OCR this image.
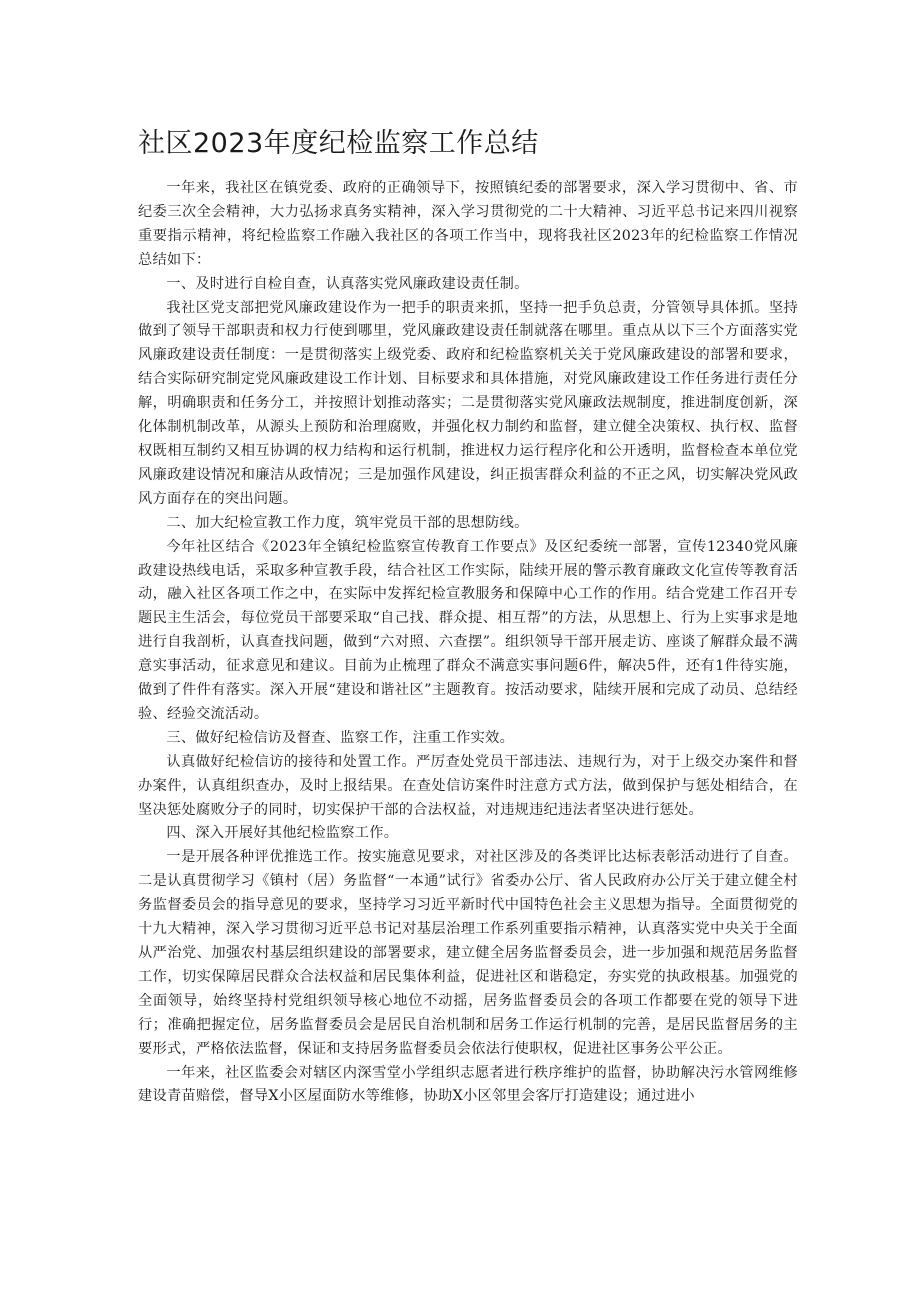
社区2023年度纪检监察工作总结

一年来，我社区在镇党委、政府的正确领导下，按照镇纪委的部署要求，深入学习贯彻中、省、市纪委三次全会精神，大力弘扬求真务实精神，深入学习贯彻党的二十大精神、习近平总书记来四川视察重要指示精神，将纪检监察工作融入我社区的各项工作当中，现将我社区2023年的纪检监察工作情况总结如下：

一、及时进行自检自查，认真落实党风廉政建设责任制。

我社区党支部把党风廉政建设作为一把手的职责来抓，坚持一把手负总责，分管领导具体抓。坚持做到了领导干部职责和权力行使到哪里，党风廉政建设责任制就落在哪里。重点从以下三个方面落实党风廉政建设责任制度：一是贯彻落实上级党委、政府和纪检监察机关关于党风廉政建设的部署和要求，结合实际研究制定党风廉政建设工作计划、目标要求和具体措施，对党风廉政建设工作任务进行责任分解，明确职责和任务分工，并按照计划推动落实；二是贯彻落实党风廉政法规制度，推进制度创新，深化体制机制改革，从源头上预防和治理腐败，并强化权力制约和监督，建立健全决策权、执行权、监督权既相互制约又相互协调的权力结构和运行机制，推进权力运行程序化和公开透明，监督检查本单位党风廉政建设情况和廉洁从政情况；三是加强作风建设，纠正损害群众利益的不正之风，切实解决党风政风方面存在的突出问题。

二、加大纪检宣教工作力度，筑牢党员干部的思想防线。

今年社区结合《2023年全镇纪检监察宣传教育工作要点》及区纪委统一部署，宣传12340党风廉政建设热线电话，采取多种宣教手段，结合社区工作实际，陆续开展的警示教育廉政文化宣传等教育活动，融入社区各项工作之中，在实际中发挥纪检宣教服务和保障中心工作的作用。结合党建工作召开专题民主生活会，每位党员干部要采取“自己找、群众提、相互帮”的方法，从思想上、行为上实事求是地进行自我剖析，认真查找问题，做到“六对照、六查摆”。组织领导干部开展走访、座谈了解群众最不满意实事活动，征求意见和建议。目前为止梳理了群众不满意实事问题6件，解决5件，还有1件待实施，做到了件件有落实。深入开展“建设和谐社区”主题教育。按活动要求，陆续开展和完成了动员、总结经验、经验交流活动。

三、做好纪检信访及督查、监察工作，注重工作实效。

认真做好纪检信访的接待和处置工作。严厉查处党员干部违法、违规行为，对于上级交办案件和督办案件，认真组织查办，及时上报结果。在查处信访案件时注意方式方法，做到保护与惩处相结合，在坚决惩处腐败分子的同时，切实保护干部的合法权益，对违规违纪违法者坚决进行惩处。

四、深入开展好其他纪检监察工作。

一是开展各种评优推选工作。按实施意见要求，对社区涉及的各类评比达标表彰活动进行了自查。二是认真贯彻学习《镇村（居）务监督“一本通”试行》省委办公厅、省人民政府办公厅关于建立健全村务监督委员会的指导意见的要求，坚持学习习近平新时代中国特色社会主义思想为指导。全面贯彻党的十九大精神，深入学习贯彻习近平总书记对基层治理工作系列重要指示精神，认真落实党中央关于全面从严治党、加强农村基层组织建设的部署要求，建立健全居务监督委员会，进一步加强和规范居务监督工作，切实保障居民群众合法权益和居民集体利益，促进社区和谐稳定，夯实党的执政根基。加强党的全面领导，始终坚持村党组织领导核心地位不动摇，居务监督委员会的各项工作都要在党的领导下进行；准确把握定位，居务监督委员会是居民自治机制和居务工作运行机制的完善，是居民监督居务的主要形式，严格依法监督，保证和支持居务监督委员会依法行使职权，促进社区事务公平公正。

一年来，社区监委会对辖区内深雪堂小学组织志愿者进行秩序维护的监督，协助解决污水管网维修建设青苗赔偿，督导X小区屋面防水等维修，协助X小区邻里会客厅打造建设；通过进小
